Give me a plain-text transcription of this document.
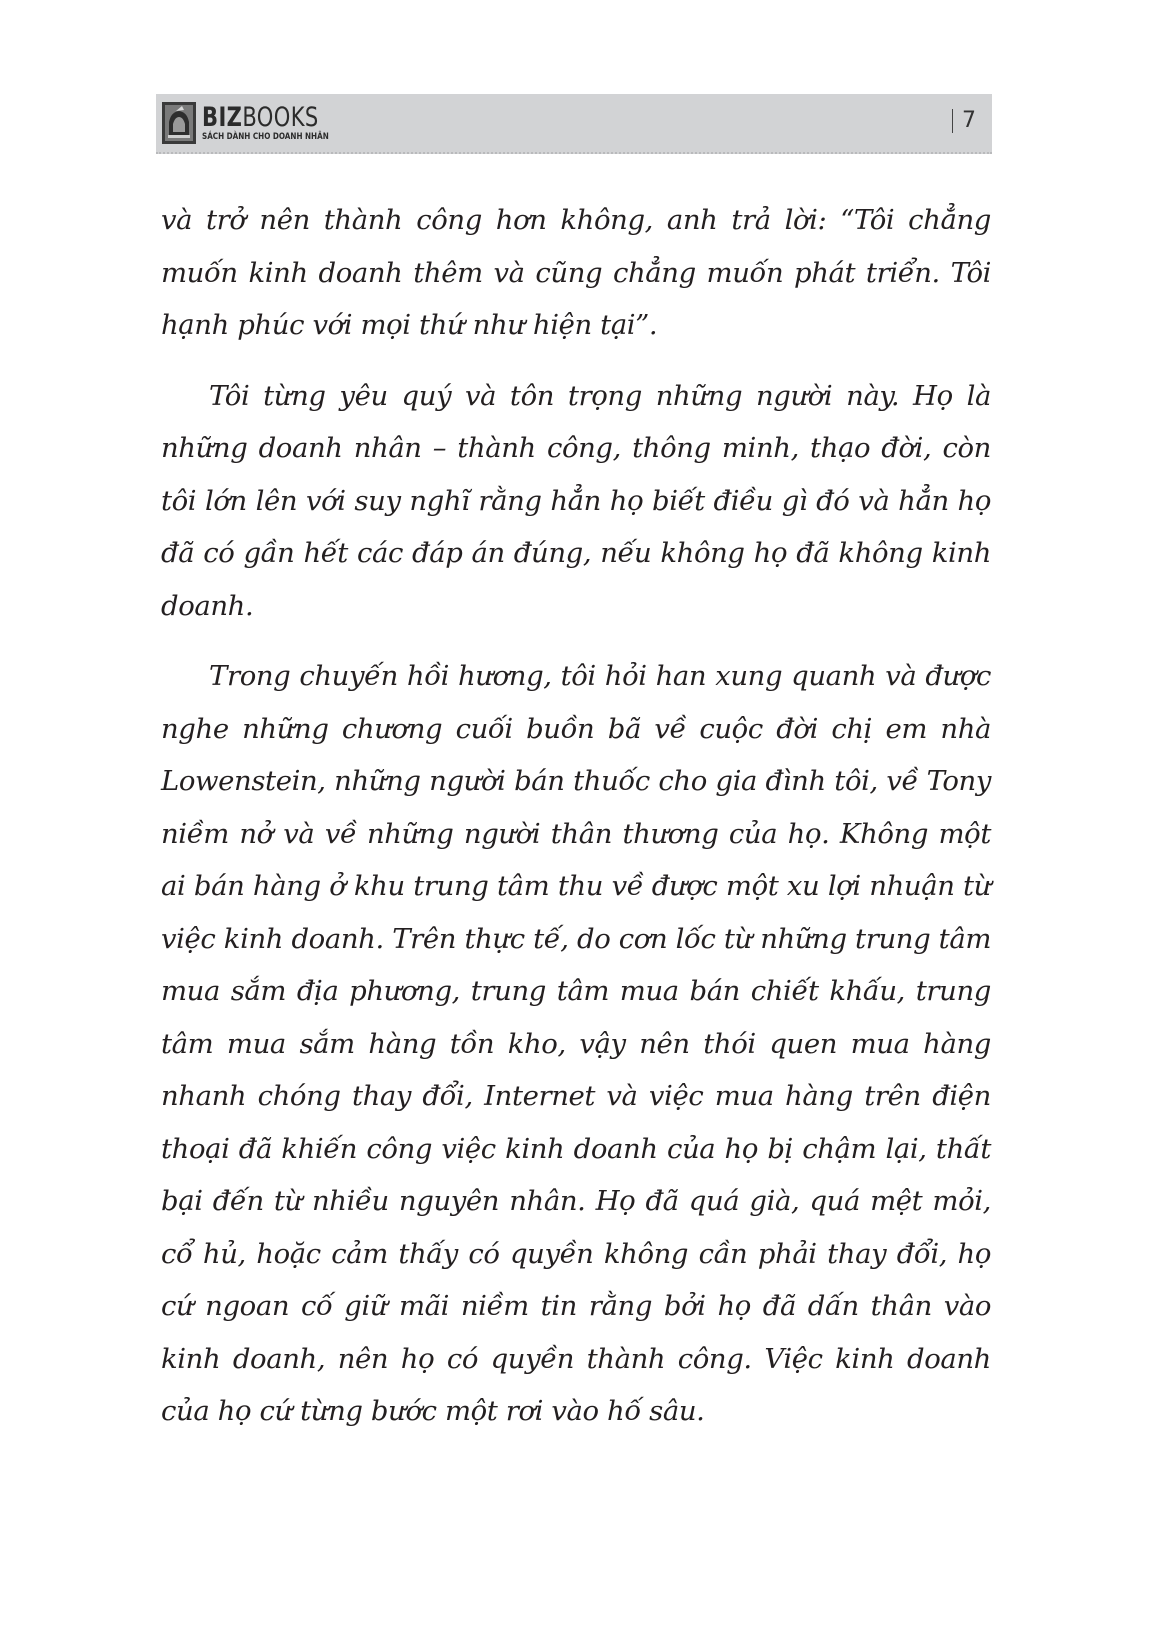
BIZBOOKS
SÁCH DÀNH CHO DOANH NHÂN
7

và trở nên thành công hơn không, anh trả lời: “Tôi chẳng muốn kinh doanh thêm và cũng chẳng muốn phát triển. Tôi hạnh phúc với mọi thứ như hiện tại”.

Tôi từng yêu quý và tôn trọng những người này. Họ là những doanh nhân – thành công, thông minh, thạo đời, còn tôi lớn lên với suy nghĩ rằng hẳn họ biết điều gì đó và hẳn họ đã có gần hết các đáp án đúng, nếu không họ đã không kinh doanh.

Trong chuyến hồi hương, tôi hỏi han xung quanh và được nghe những chương cuối buồn bã về cuộc đời chị em nhà Lowenstein, những người bán thuốc cho gia đình tôi, về Tony niềm nở và về những người thân thương của họ. Không một ai bán hàng ở khu trung tâm thu về được một xu lợi nhuận từ việc kinh doanh. Trên thực tế, do cơn lốc từ những trung tâm mua sắm địa phương, trung tâm mua bán chiết khấu, trung tâm mua sắm hàng tồn kho, vậy nên thói quen mua hàng nhanh chóng thay đổi, Internet và việc mua hàng trên điện thoại đã khiến công việc kinh doanh của họ bị chậm lại, thất bại đến từ nhiều nguyên nhân. Họ đã quá già, quá mệt mỏi, cổ hủ, hoặc cảm thấy có quyền không cần phải thay đổi, họ cứ ngoan cố giữ mãi niềm tin rằng bởi họ đã dấn thân vào kinh doanh, nên họ có quyền thành công. Việc kinh doanh của họ cứ từng bước một rơi vào hố sâu.
